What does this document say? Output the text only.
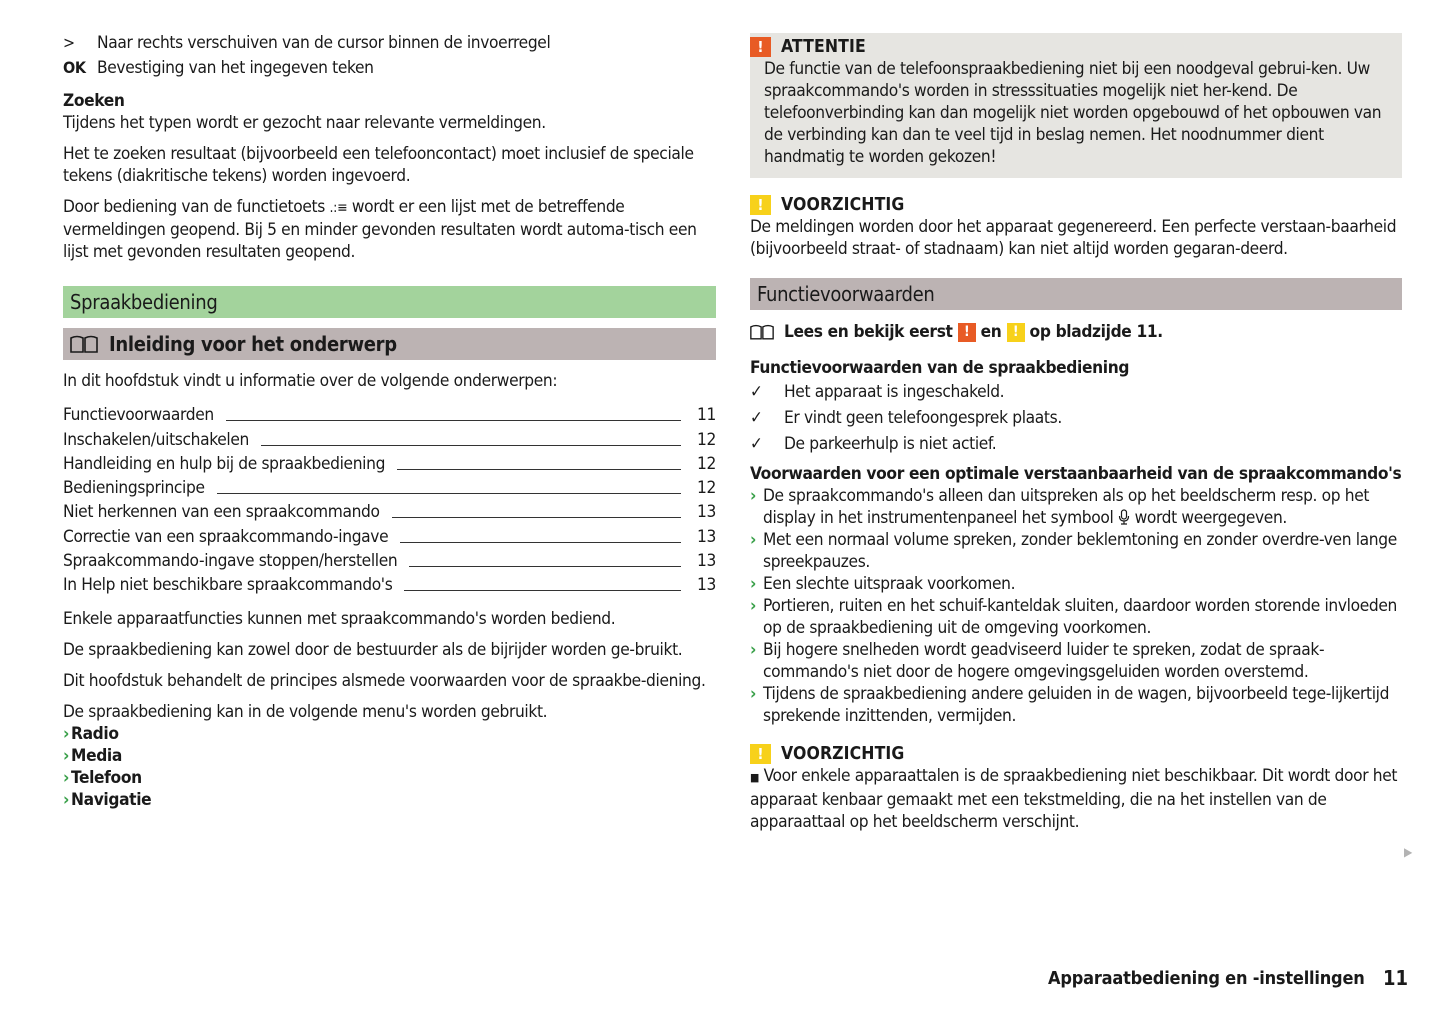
>	Naar rechts verschuiven van de cursor binnen de invoerregel
OK Bevestiging van het ingegeven teken
Zoeken
Tijdens het typen wordt er gezocht naar relevante vermeldingen.
Het te zoeken resultaat (bijvoorbeeld een telefooncontact) moet inclusief de speciale tekens (diakritische tekens) worden ingevoerd.
Door bediening van de functietoets .:≡ wordt er een lijst met de betreffende vermeldingen geopend. Bij 5 en minder gevonden resultaten wordt automa-tisch een lijst met gevonden resultaten geopend.
Spraakbediening
Inleiding voor het onderwerp
In dit hoofdstuk vindt u informatie over de volgende onderwerpen:
Functievoorwaarden	11
Inschakelen/uitschakelen	12
Handleiding en hulp bij de spraakbediening	12
Bedieningsprincipe	12
Niet herkennen van een spraakcommando	13
Correctie van een spraakcommando-ingave	13
Spraakcommando-ingave stoppen/herstellen	13
In Help niet beschikbare spraakcommando's	13
Enkele apparaatfuncties kunnen met spraakcommando's worden bediend.
De spraakbediening kan zowel door de bestuurder als de bijrijder worden ge-bruikt.
Dit hoofdstuk behandelt de principes alsmede voorwaarden voor de spraakbe-diening.
De spraakbediening kan in de volgende menu's worden gebruikt.
› Radio
› Media
› Telefoon
› Navigatie
! ATTENTIE
De functie van de telefoonspraakbediening niet bij een noodgeval gebrui-ken. Uw spraakcommando's worden in stresssituaties mogelijk niet her-kend. De telefoonverbinding kan dan mogelijk niet worden opgebouwd of het opbouwen van de verbinding kan dan te veel tijd in beslag nemen. Het noodnummer dient handmatig te worden gekozen!
! VOORZICHTIG
De meldingen worden door het apparaat gegenereerd. Een perfecte verstaan-baarheid (bijvoorbeeld straat- of stadnaam) kan niet altijd worden gegaran-deerd.
Functievoorwaarden
Lees en bekijk eerst
!
en
!
op bladzijde 11.
Functievoorwaarden van de spraakbediening
✓	Het apparaat is ingeschakeld.
✓	Er vindt geen telefoongesprek plaats.
✓	De parkeerhulp is niet actief.
Voorwaarden voor een optimale verstaanbaarheid van de spraakcommando's
› De spraakcommando's alleen dan uitspreken als op het beeldscherm resp. op het display in het instrumentenpaneel het symbool wordt weergegeven.
› Met een normaal volume spreken, zonder beklemtoning en zonder overdre-ven lange spreekpauzes.
› Een slechte uitspraak voorkomen.
› Portieren, ruiten en het schuif-kanteldak sluiten, daardoor worden storende invloeden op de spraakbediening uit de omgeving voorkomen.
› Bij hogere snelheden wordt geadviseerd luider te spreken, zodat de spraak-commando's niet door de hogere omgevingsgeluiden worden overstemd.
› Tijdens de spraakbediening andere geluiden in de wagen, bijvoorbeeld tege-lijkertijd sprekende inzittenden, vermijden.
! VOORZICHTIG
■ Voor enkele apparaattalen is de spraakbediening niet beschikbaar. Dit wordt door het apparaat kenbaar gemaakt met een tekstmelding, die na het instellen van de apparaattaal op het beeldscherm verschijnt.
▶
Apparaatbediening en -instellingen 11
